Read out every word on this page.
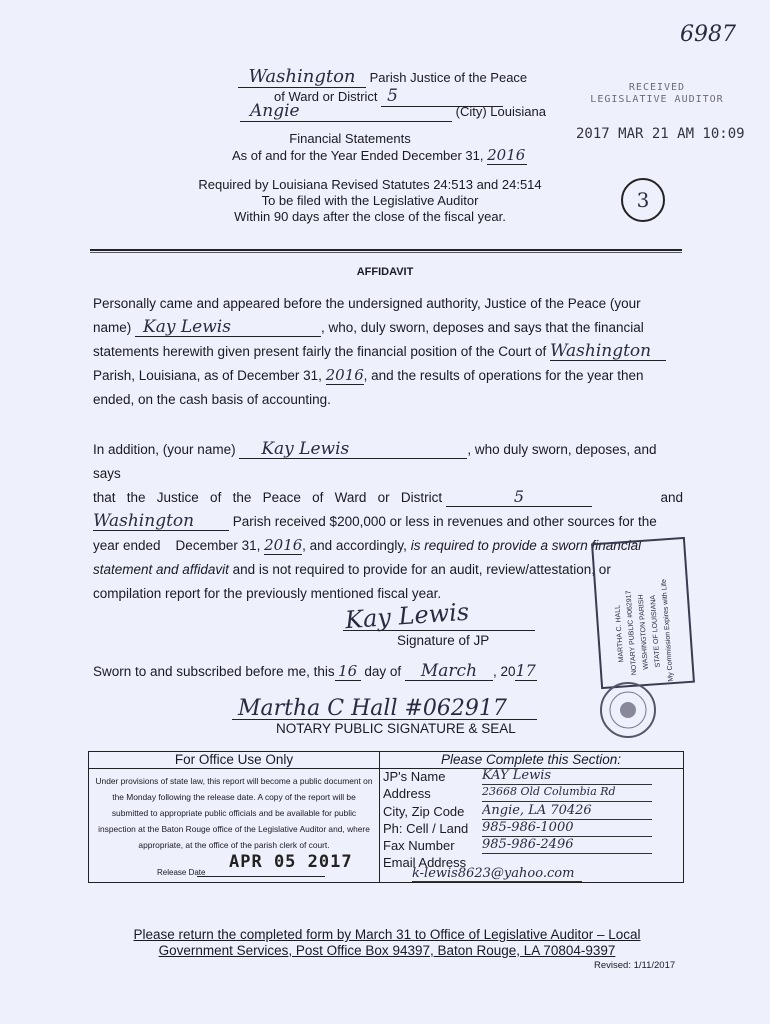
6987
Washington Parish Justice of the Peace
of Ward or District 5
Angie	(City) Louisiana
RECEIVED
LEGISLATIVE AUDITOR
2017 MAR 21 AM 10:09
Financial Statements
As of and for the Year Ended December 31, 2016
3
Required by Louisiana Revised Statutes 24:513 and 24:514
To be filed with the Legislative Auditor
Within 90 days after the close of the fiscal year.
AFFIDAVIT
Personally came and appeared before the undersigned authority, Justice of the Peace (your
name) Kay Lewis	, who, duly sworn, deposes and says that the financial
statements herewith given present fairly the financial position of the Court of Washington
Parish, Louisiana, as of December 31, 2016, and the results of operations for the year then
ended, on the cash basis of accounting.
In addition, (your name) Kay Lewis	, who duly sworn, deposes, and says
that   the   Justice   of   the   Peace   of   Ward   or   District	5	and
Washington	Parish received $200,000 or less in revenues and other sources for the
year ended    December 31, 2016, and accordingly, is required to provide a sworn financial
statement and affidavit and is not required to provide for an audit, review/attestation, or
compilation report for the previously mentioned fiscal year.
Kay Lewis
Signature of JP
Sworn to and subscribed before me, this 16 day of March , 2017
Martha C Hall #062917
NOTARY PUBLIC SIGNATURE & SEAL
MARTHA C. HALL NOTARY PUBLIC #062917 WASHINGTON PARISH STATE OF LOUISIANA
My Commission Expires with Life
For Office Use Only
Under provisions of state law, this report will become a public document on the Monday following the release date. A copy of the report will be submitted to appropriate public officials and be available for public inspection at the Baton Rouge office of the Legislative Auditor and, where appropriate, at the office of the parish clerk of court.
APR 05 2017
Release Date
Please Complete this Section:
JP's Name	KAY Lewis
Address	23668 Old Columbia Rd
City, Zip Code Angie, LA 70426
Ph: Cell / Land 985-986-1000
Fax Number 985-986-2496
Email Address
k-lewis8623@yahoo.com
Please return the completed form by March 31 to Office of Legislative Auditor – Local
Government Services, Post Office Box 94397, Baton Rouge, LA 70804-9397
Revised: 1/11/2017
